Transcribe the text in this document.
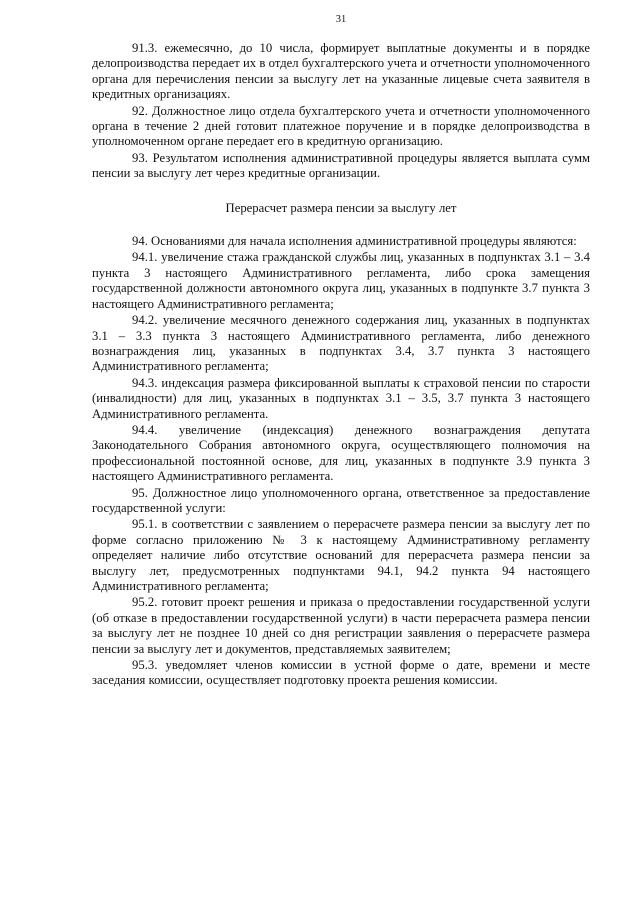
31

91.3. ежемесячно, до 10 числа, формирует выплатные документы и в порядке делопроизводства передает их в отдел бухгалтерского учета и отчетности уполномоченного органа для перечисления пенсии за выслугу лет на указанные лицевые счета заявителя в кредитных организациях.

92. Должностное лицо отдела бухгалтерского учета и отчетности уполномоченного органа в течение 2 дней готовит платежное поручение и в порядке делопроизводства в уполномоченном органе передает его в кредитную организацию.

93. Результатом исполнения административной процедуры является выплата сумм пенсии за выслугу лет через кредитные организации.

Перерасчет размера пенсии за выслугу лет

94. Основаниями для начала исполнения административной процедуры являются:

94.1. увеличение стажа гражданской службы лиц, указанных в подпунктах 3.1 – 3.4 пункта 3 настоящего Административного регламента, либо срока замещения государственной должности автономного округа лиц, указанных в подпункте 3.7 пункта 3 настоящего Административного регламента;

94.2. увеличение месячного денежного содержания лиц, указанных в подпунктах 3.1 – 3.3 пункта 3 настоящего Административного регламента, либо денежного вознаграждения лиц, указанных в подпунктах 3.4, 3.7 пункта 3 настоящего Административного регламента;

94.3. индексация размера фиксированной выплаты к страховой пенсии по старости (инвалидности) для лиц, указанных в подпунктах 3.1 – 3.5, 3.7 пункта 3 настоящего Административного регламента.

94.4. увеличение (индексация) денежного вознаграждения депутата Законодательного Собрания автономного округа, осуществляющего полномочия на профессиональной постоянной основе, для лиц, указанных в подпункте 3.9 пункта 3 настоящего Административного регламента.

95. Должностное лицо уполномоченного органа, ответственное за предоставление государственной услуги:

95.1. в соответствии с заявлением о перерасчете размера пенсии за выслугу лет по форме согласно приложению № 3 к настоящему Административному регламенту определяет наличие либо отсутствие оснований для перерасчета размера пенсии за выслугу лет, предусмотренных подпунктами 94.1, 94.2 пункта 94 настоящего Административного регламента;

95.2. готовит проект решения и приказа о предоставлении государственной услуги (об отказе в предоставлении государственной услуги) в части перерасчета размера пенсии за выслугу лет не позднее 10 дней со дня регистрации заявления о перерасчете размера пенсии за выслугу лет и документов, представляемых заявителем;

95.3. уведомляет членов комиссии в устной форме о дате, времени и месте заседания комиссии, осуществляет подготовку проекта решения комиссии.
